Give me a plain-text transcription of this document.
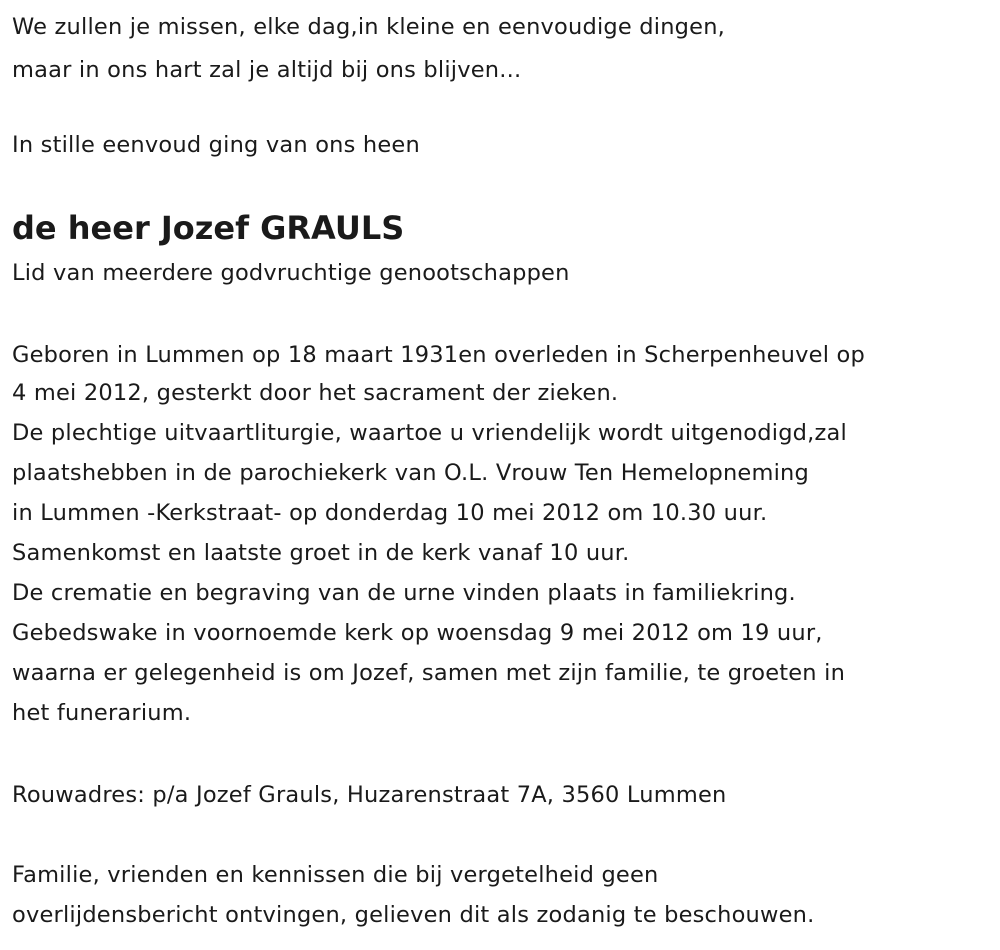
We zullen je missen, elke dag,in kleine en eenvoudige dingen,
maar in ons hart zal je altijd bij ons blijven...
In stille eenvoud ging van ons heen
de heer Jozef GRAULS
Lid van meerdere godvruchtige genootschappen
Geboren in Lummen op 18 maart 1931en overleden in Scherpenheuvel op
4 mei 2012, gesterkt door het sacrament der zieken.
De plechtige uitvaartliturgie, waartoe u vriendelijk wordt uitgenodigd,zal
plaatshebben in de parochiekerk van O.L. Vrouw Ten Hemelopneming
in Lummen -Kerkstraat- op donderdag 10 mei 2012 om 10.30 uur.
Samenkomst en laatste groet in de kerk vanaf 10 uur.
De crematie en begraving van de urne vinden plaats in familiekring.
Gebedswake in voornoemde kerk op woensdag 9 mei 2012 om 19 uur,
waarna er gelegenheid is om Jozef, samen met zijn familie, te groeten in
het funerarium.
Rouwadres: p/a Jozef Grauls, Huzarenstraat 7A, 3560 Lummen
Familie, vrienden en kennissen die bij vergetelheid geen
overlijdensbericht ontvingen, gelieven dit als zodanig te beschouwen.
